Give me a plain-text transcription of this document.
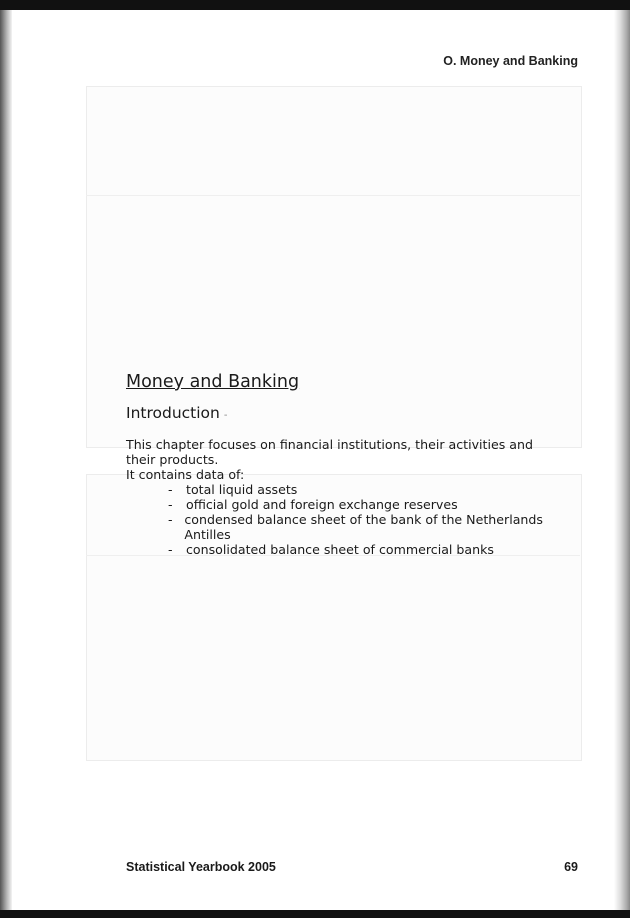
O. Money and Banking
Money and Banking
Introduction -

This chapter focuses on financial institutions, their activities and their products.

It contains data of:

-	total liquid assets
-	official gold and foreign exchange reserves
- condensed balance sheet of the bank of the Netherlands Antilles
-	consolidated balance sheet of commercial banks
Statistical Yearbook 2005	69
